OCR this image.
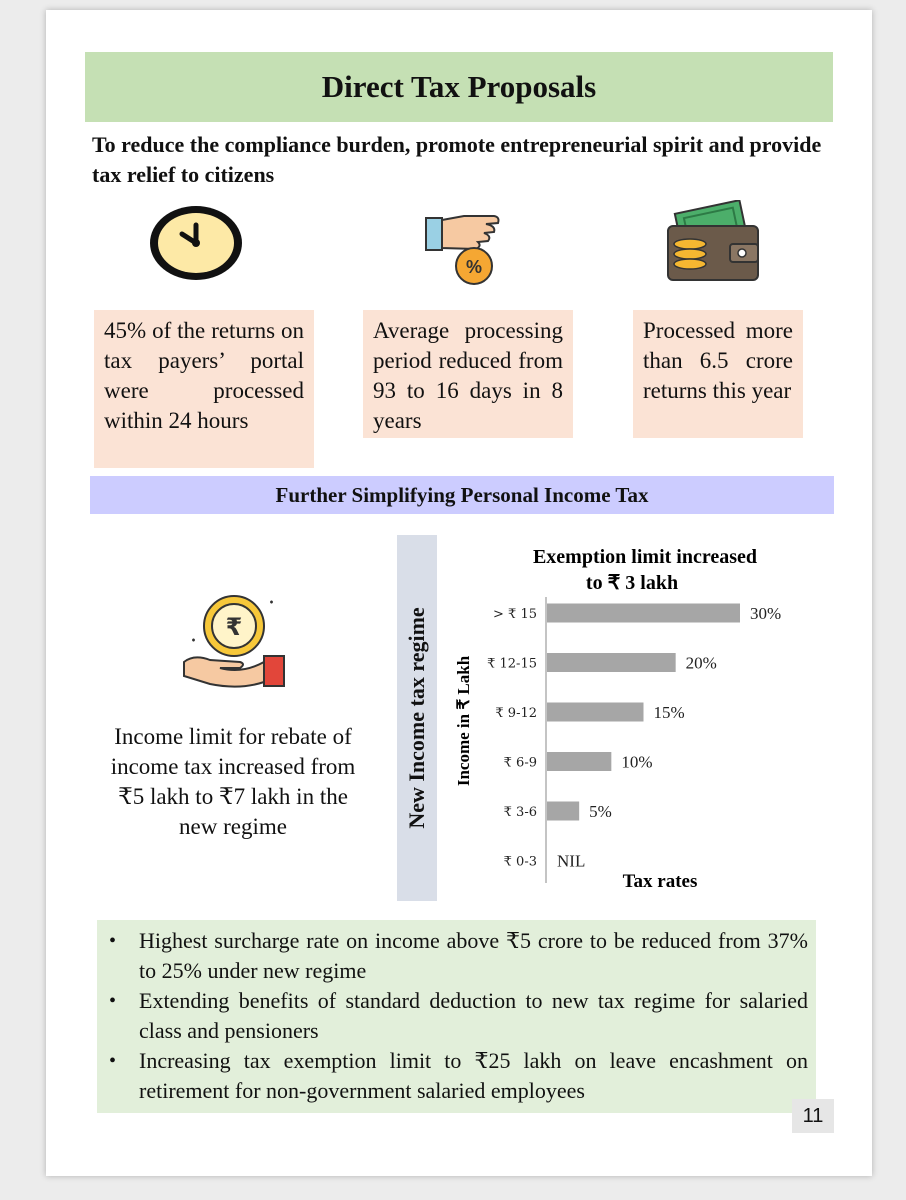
Direct Tax Proposals
To reduce the compliance burden, promote entrepreneurial spirit and provide tax relief to citizens
%
45% of the returns on tax payers’ portal were processed within 24 hours
Average processing period reduced from 93 to 16 days in 8 years
Processed more than 6.5 crore returns this year
Further Simplifying Personal Income Tax
₹
Income limit for rebate of income tax increased from ₹5 lakh to ₹7 lakh in the new regime	New Income tax regime
Exemption limit increased
to ₹ 3 lakh
Income in ₹ Lakh
> ₹ 15	30%
₹ 12-15	20%
₹ 9-12	15%
₹ 6-9	10%
₹ 3-6	5%
₹ 0-3 NIL
Tax rates
• Highest surcharge rate on income above ₹5 crore to be reduced from 37% to 25% under new regime
• Extending benefits of standard deduction to new tax regime for salaried class and pensioners
• Increasing tax exemption limit to ₹25 lakh on leave encashment on retirement for non-government salaried employees
11
